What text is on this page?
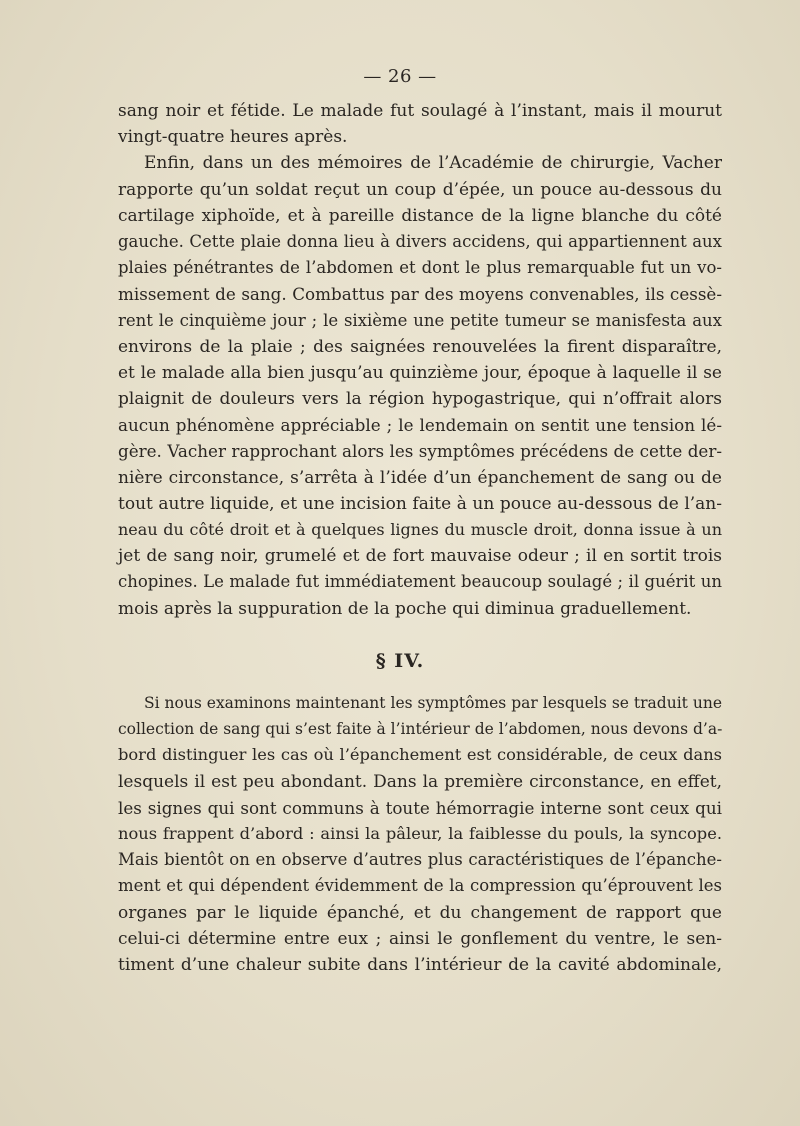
— 26 —
sang noir et fétide. Le malade fut soulagé à l’instant, mais il mourut
vingt-quatre heures après.
Enfin, dans un des mémoires de l’Académie de chirurgie, Vacher
rapporte qu’un soldat reçut un coup d’épée, un pouce au-dessous du
cartilage xiphoïde, et à pareille distance de la ligne blanche du côté
gauche. Cette plaie donna lieu à divers accidens, qui appartiennent aux
plaies pénétrantes de l’abdomen et dont le plus remarquable fut un vo-
missement de sang. Combattus par des moyens convenables, ils cessè-
rent le cinquième jour ; le sixième une petite tumeur se manisfesta aux
environs de la plaie ; des saignées renouvelées la firent disparaître,
et le malade alla bien jusqu’au quinzième jour, époque à laquelle il se
plaignit de douleurs vers la région hypogastrique, qui n’offrait alors
aucun phénomène appréciable ; le lendemain on sentit une tension lé-
gère. Vacher rapprochant alors les symptômes précédens de cette der-
nière circonstance, s’arrêta à l’idée d’un épanchement de sang ou de
tout autre liquide, et une incision faite à un pouce au-dessous de l’an-
neau du côté droit et à quelques lignes du muscle droit, donna issue à un
jet de sang noir, grumelé et de fort mauvaise odeur ; il en sortit trois
chopines. Le malade fut immédiatement beaucoup soulagé ; il guérit un
mois après la suppuration de la poche qui diminua graduellement.
§ IV.
Si nous examinons maintenant les symptômes par lesquels se traduit une
collection de sang qui s’est faite à l’intérieur de l’abdomen, nous devons d’a-
bord distinguer les cas où l’épanchement est considérable, de ceux dans
lesquels il est peu abondant. Dans la première circonstance, en effet,
les signes qui sont communs à toute hémorragie interne sont ceux qui
nous frappent d’abord : ainsi la pâleur, la faiblesse du pouls, la syncope.
Mais bientôt on en observe d’autres plus caractéristiques de l’épanche-
ment et qui dépendent évidemment de la compression qu’éprouvent les
organes par le liquide épanché, et du changement de rapport que
celui-ci détermine entre eux ; ainsi le gonflement du ventre, le sen-
timent d’une chaleur subite dans l’intérieur de la cavité abdominale,
